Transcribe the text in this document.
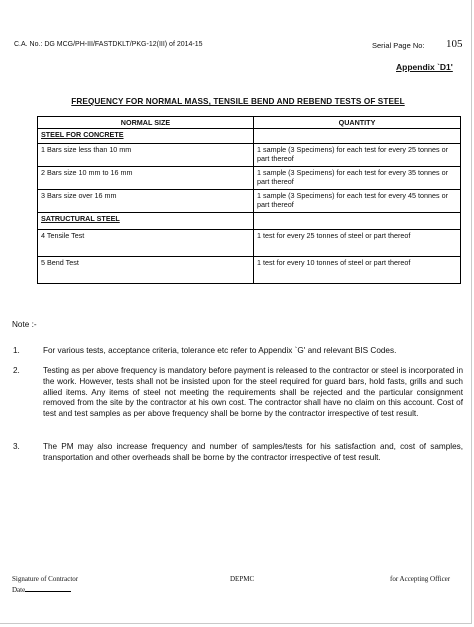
C.A. No.: DG MCG/PH-III/FASTDKLT/PKG-12(III) of 2014-15	Serial Page No: 105
Appendix `D1'
FREQUENCY FOR NORMAL MASS, TENSILE BEND AND REBEND TESTS OF STEEL
NORMAL SIZE	QUANTITY
STEEL FOR CONCRETE	
1 Bars size less than 10 mm	1 sample (3 Specimens) for each test for every 25 tonnes or part thereof
2 Bars size 10 mm to 16 mm	1 sample (3 Specimens) for each test for every 35 tonnes or part thereof
3 Bars size over 16 mm	1 sample (3 Specimens) for each test for every 45 tonnes or part thereof
SATRUCTURAL STEEL	
4 Tensile Test	1 test for every 25 tonnes of steel or part thereof
5 Bend Test	1 test for every 10 tonnes of steel or part thereof
Note :-
1.	For various tests, acceptance criteria, tolerance etc refer to Appendix `G' and relevant BIS Codes.
2.	Testing as per above frequency is mandatory before payment is released to the contractor or steel is incorporated in the work. However, tests shall not be insisted upon for the steel required for guard bars, hold fasts, grills and such allied items. Any items of steel not meeting the requirements shall be rejected and the particular consignment removed from the site by the contractor at his own cost. The contractor shall have no claim on this account. Cost of test and test samples as per above frequency shall be borne by the contractor irrespective of test result.
3.	The PM may also increase frequency and number of samples/tests for his satisfaction and, cost of samples, transportation and other overheads shall be borne by the contractor irrespective of test result.
Signature of Contractor	DEPMC	for Accepting Officer
Date
